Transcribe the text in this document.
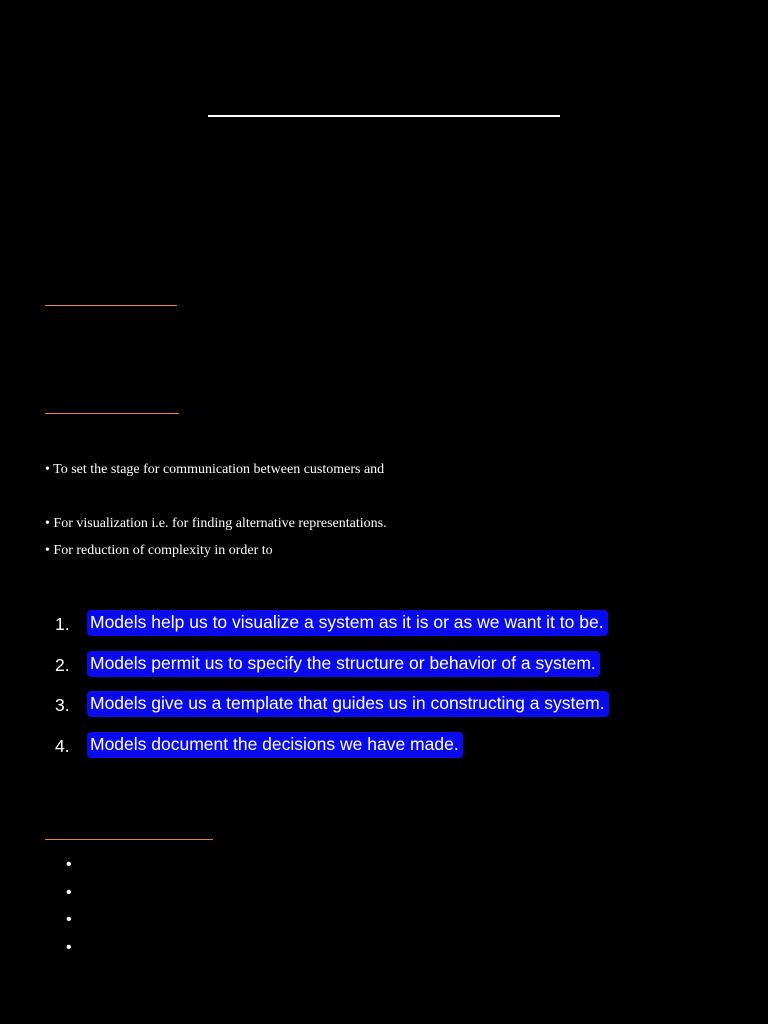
• To set the stage for communication between customers and
• For visualization i.e. for finding alternative representations.
• For reduction of complexity in order to
1.	Models help us to visualize a system as it is or as we want it to be.
2.	Models permit us to specify the structure or behavior of a system.
3.	Models give us a template that guides us in constructing a system.
4.	Models document the decisions we have made.
•
•
•
•
